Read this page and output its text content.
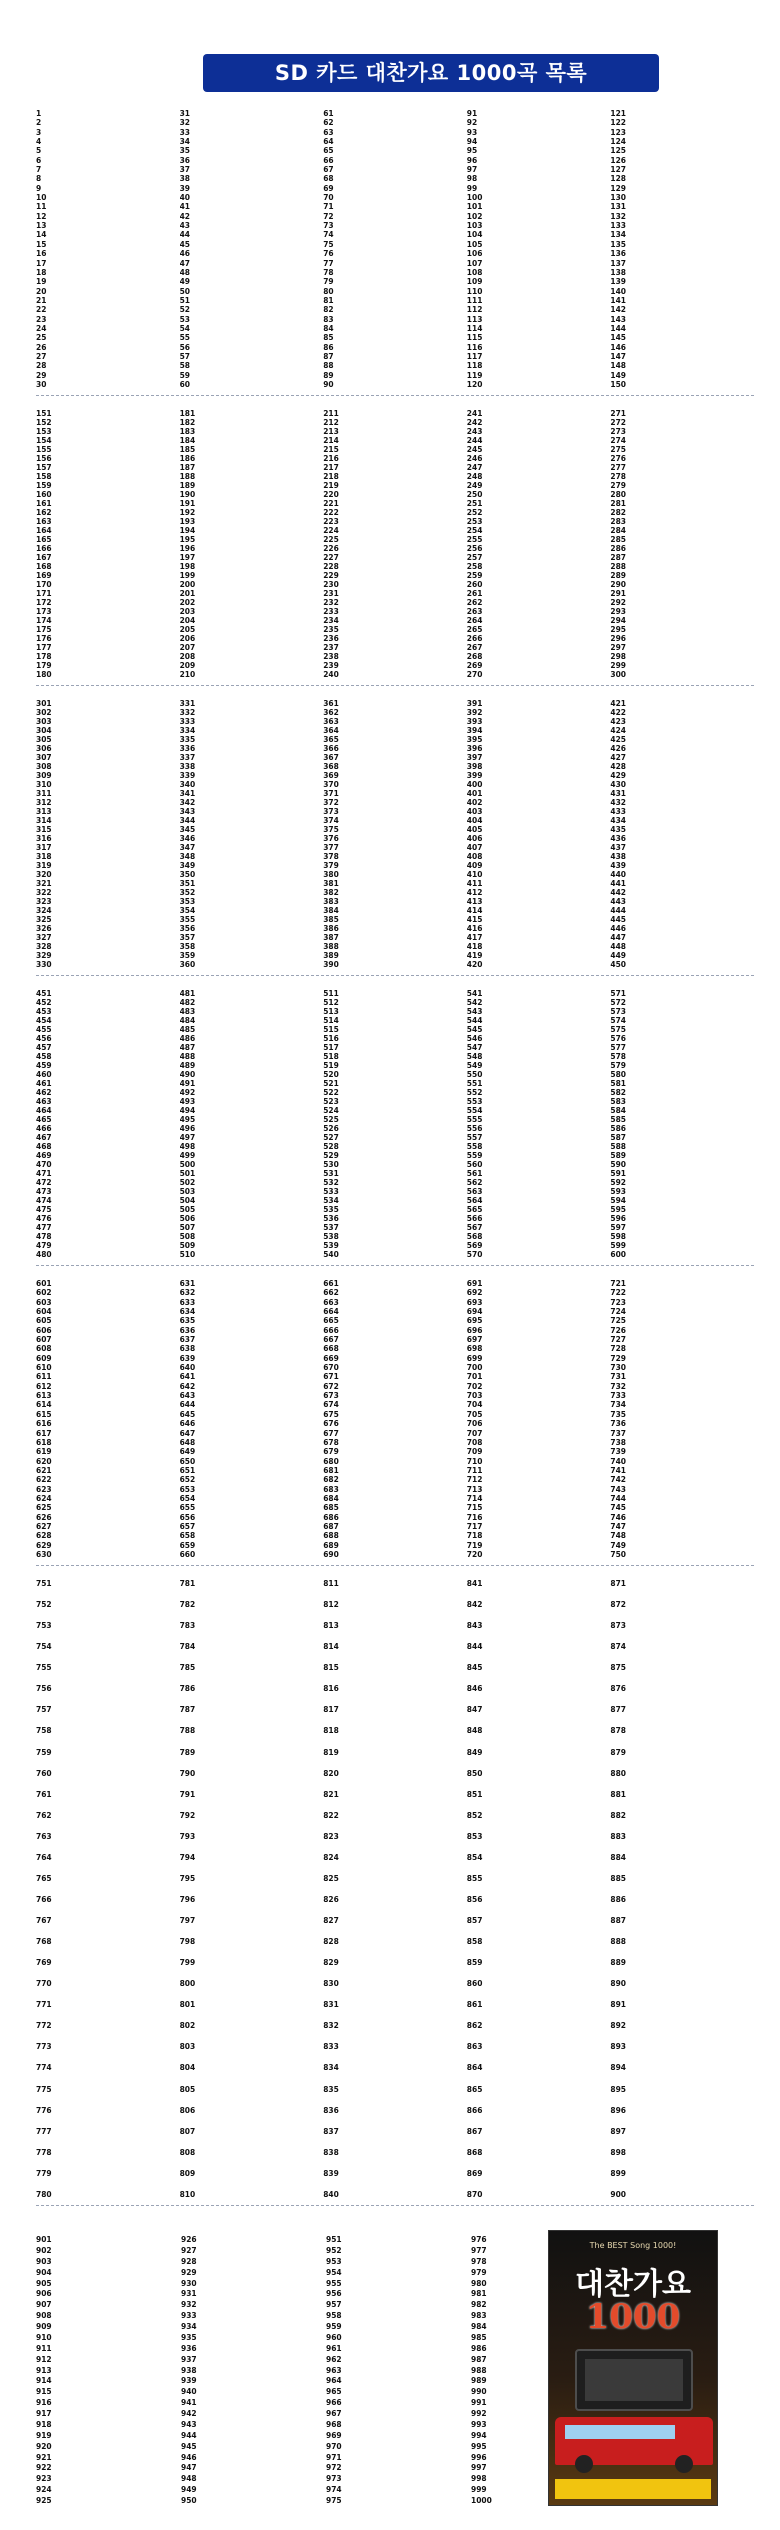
SD 카드 대찬가요 1000곡 목록
1
2
3
4
5
6
7
8
9
10
11
12
13
14
15
16
17
18
19
20
21
22
23
24
25
26
27
28
29
30
31
32
33
34
35
36
37
38
39
40
41
42
43
44
45
46
47
48
49
50
51
52
53
54
55
56
57
58
59
60
61
62
63
64
65
66
67
68
69
70
71
72
73
74
75
76
77
78
79
80
81
82
83
84
85
86
87
88
89
90
91
92
93
94
95
96
97
98
99
100
101
102
103
104
105
106
107
108
109
110
111
112
113
114
115
116
117
118
119
120
121
122
123
124
125
126
127
128
129
130
131
132
133
134
135
136
137
138
139
140
141
142
143
144
145
146
147
148
149
150
151
152
153
154
155
156
157
158
159
160
161
162
163
164
165
166
167
168
169
170
171
172
173
174
175
176
177
178
179
180
181
182
183
184
185
186
187
188
189
190
191
192
193
194
195
196
197
198
199
200
201
202
203
204
205
206
207
208
209
210
211
212
213
214
215
216
217
218
219
220
221
222
223
224
225
226
227
228
229
230
231
232
233
234
235
236
237
238
239
240
241
242
243
244
245
246
247
248
249
250
251
252
253
254
255
256
257
258
259
260
261
262
263
264
265
266
267
268
269
270
271
272
273
274
275
276
277
278
279
280
281
282
283
284
285
286
287
288
289
290
291
292
293
294
295
296
297
298
299
300
301
302
303
304
305
306
307
308
309
310
311
312
313
314
315
316
317
318
319
320
321
322
323
324
325
326
327
328
329
330
331
332
333
334
335
336
337
338
339
340
341
342
343
344
345
346
347
348
349
350
351
352
353
354
355
356
357
358
359
360
361
362
363
364
365
366
367
368
369
370
371
372
373
374
375
376
377
378
379
380
381
382
383
384
385
386
387
388
389
390
391
392
393
394
395
396
397
398
399
400
401
402
403
404
405
406
407
408
409
410
411
412
413
414
415
416
417
418
419
420
421
422
423
424
425
426
427
428
429
430
431
432
433
434
435
436
437
438
439
440
441
442
443
444
445
446
447
448
449
450
451
452
453
454
455
456
457
458
459
460
461
462
463
464
465
466
467
468
469
470
471
472
473
474
475
476
477
478
479
480
481
482
483
484
485
486
487
488
489
490
491
492
493
494
495
496
497
498
499
500
501
502
503
504
505
506
507
508
509
510
511
512
513
514
515
516
517
518
519
520
521
522
523
524
525
526
527
528
529
530
531
532
533
534
535
536
537
538
539
540
541
542
543
544
545
546
547
548
549
550
551
552
553
554
555
556
557
558
559
560
561
562
563
564
565
566
567
568
569
570
571
572
573
574
575
576
577
578
579
580
581
582
583
584
585
586
587
588
589
590
591
592
593
594
595
596
597
598
599
600
601
602
603
604
605
606
607
608
609
610
611
612
613
614
615
616
617
618
619
620
621
622
623
624
625
626
627
628
629
630
631
632
633
634
635
636
637
638
639
640
641
642
643
644
645
646
647
648
649
650
651
652
653
654
655
656
657
658
659
660
661
662
663
664
665
666
667
668
669
670
671
672
673
674
675
676
677
678
679
680
681
682
683
684
685
686
687
688
689
690
691
692
693
694
695
696
697
698
699
700
701
702
703
704
705
706
707
708
709
710
711
712
713
714
715
716
717
718
719
720
721
722
723
724
725
726
727
728
729
730
731
732
733
734
735
736
737
738
739
740
741
742
743
744
745
746
747
748
749
750
751
752
753
754
755
756
757
758
759
760
761
762
763
764
765
766
767
768
769
770
771
772
773
774
775
776
777
778
779
780
781
782
783
784
785
786
787
788
789
790
791
792
793
794
795
796
797
798
799
800
801
802
803
804
805
806
807
808
809
810
811
812
813
814
815
816
817
818
819
820
821
822
823
824
825
826
827
828
829
830
831
832
833
834
835
836
837
838
839
840
841
842
843
844
845
846
847
848
849
850
851
852
853
854
855
856
857
858
859
860
861
862
863
864
865
866
867
868
869
870
871
872
873
874
875
876
877
878
879
880
881
882
883
884
885
886
887
888
889
890
891
892
893
894
895
896
897
898
899
900
901
902
903
904
905
906
907
908
909
910
911
912
913
914
915
916
917
918
919
920
921
922
923
924
925
926
927
928
929
930
931
932
933
934
935
936
937
938
939
940
941
942
943
944
945
946
947
948
949
950
951
952
953
954
955
956
957
958
959
960
961
962
963
964
965
966
967
968
969
970
971
972
973
974
975
976
977
978
979
980
981
982
983
984
985
986
987
988
989
990
991
992
993
994
995
996
997
998
999
1000
The BEST Song 1000!
대찬가요
1000
